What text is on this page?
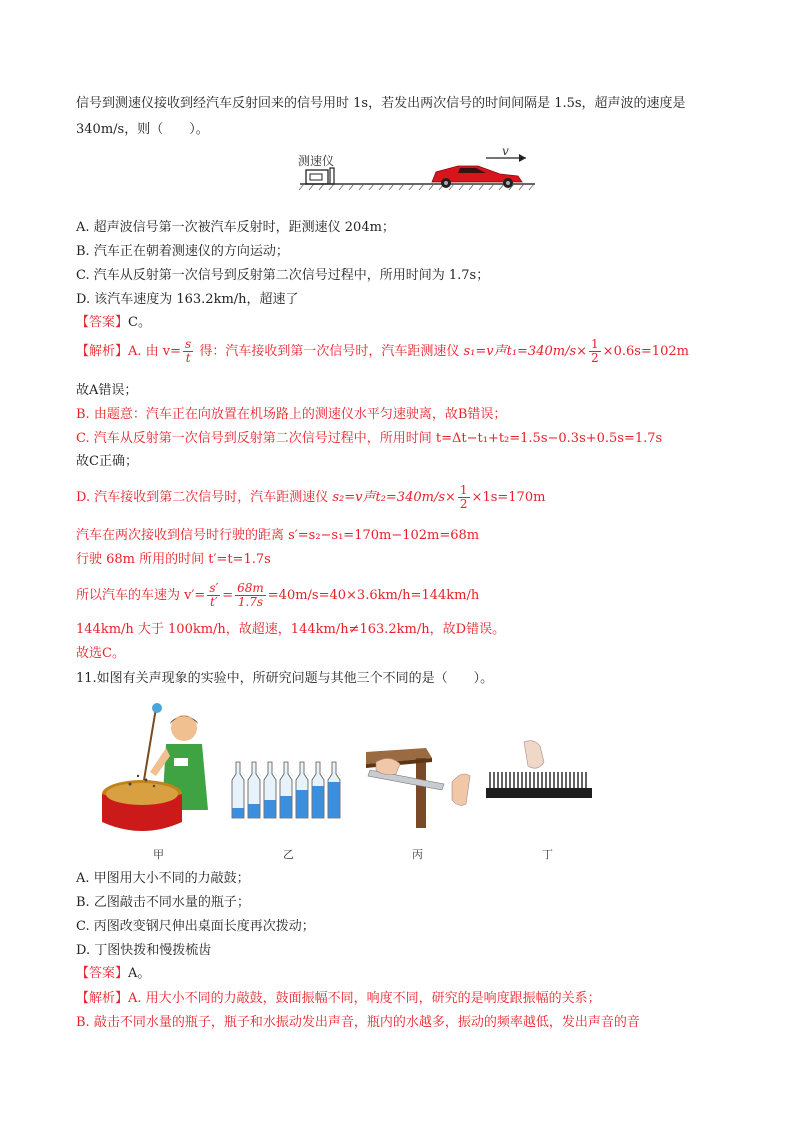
信号到测速仪接收到经汽车反射回来的信号用时 1s，若发出两次信号的时间间隔是 1.5s，超声波的速度是
340m/s，则（　　）。
测速仪
v
A. 超声波信号第一次被汽车反射时，距测速仪 204m；
B. 汽车正在朝着测速仪的方向运动；
C. 汽车从反射第一次信号到反射第二次信号过程中，所用时间为 1.7s；
D. 该汽车速度为 163.2km/h，超速了
【答案】C。
【解析】A. 由 $v= \frac{s}{t}$ 得：汽车接收到第一次信号时，汽车距测速仪 s₁=v声$t_1=340m/s\times \frac{1}{2} \times 0.6s=102m$
故A错误；
B. 由题意：汽车正在向放置在机场路上的测速仪水平匀速驶离，故B错误；
C. 汽车从反射第一次信号到反射第二次信号过程中，所用时间 t=Δt−t₁+t₂=1.5s−0.3s+0.5s=1.7s
故C正确；
D. 汽车接收到第二次信号时，汽车距测速仪 s₂=v声$t_2=340m/s\times \frac{1}{2} \times 1s=170m$
汽车在两次接收到信号时行驶的距离 s′=s₂−s₁=170m−102m=68m
行驶 68m 所用的时间 t′=t=1.7s
所以汽车的车速为 $v'= \frac{s'}{t'} = \frac{68m}{1.7s} =40m/s=40\times 3.6km/h=144km/h$
144km/h 大于 100km/h，故超速，144km/h≠163.2km/h，故D错误。
故选C。
11.如图有关声现象的实验中，所研究问题与其他三个不同的是（　　）。
甲	乙	丙	丁
A. 甲图用大小不同的力敲鼓；
B. 乙图敲击不同水量的瓶子；
C. 丙图改变钢尺伸出桌面长度再次拨动；
D. 丁图快拨和慢拨梳齿
【答案】A。
【解析】A. 用大小不同的力敲鼓，鼓面振幅不同，响度不同，研究的是响度跟振幅的关系；
B. 敲击不同水量的瓶子，瓶子和水振动发出声音，瓶内的水越多，振动的频率越低，发出声音的音
